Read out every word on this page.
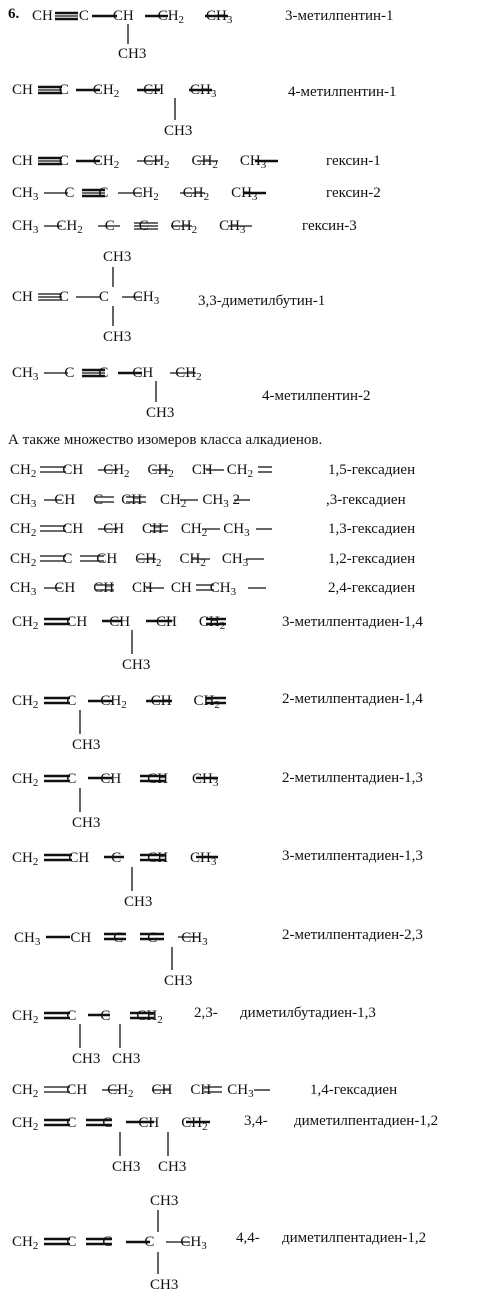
6. CH C CH $CH_2$ $CH_3$
CH3
3-метилпентин-1
CH C $CH_2$ CH $CH_3$
CH3
4-метилпентин-1
CH C $CH_2$ $CH_2$ $CH_2$ $CH_3$	гексин-1
$CH_3$ C C $CH_2$ $CH_2$ $CH_3$	гексин-2
$CH_3$ $CH_2$ C C $CH_2$ $CH_3$	гексин-3
CH3
CH C C $CH_3$
CH3
3,3-диметилбутин-1
$CH_3$ C C CH $CH_2$
CH3
4-метилпентин-2
А также множество изомеров класса алкадиенов.
$CH_2$ CH $CH_2$ $CH_2$ CH $CH_2$	1,5-гексадиен
$CH_3$ CH C CH $CH_2$ $CH_3$ 2	,3-гексадиен
$CH_2$ CH CH CH $CH_2$ $CH_3$	1,3-гексадиен
$CH_2$ C CH $CH_2$ $CH_2$ $CH_3$	1,2-гексадиен
$CH_3$ CH CH CH CH $CH_3$	2,4-гексадиен
$CH_2$ CH CH CH $CH_2$
CH3
3-метилпентадиен-1,4
$CH_2$ C $CH_2$ CH $CH_2$
CH3
2-метилпентадиен-1,4
$CH_2$ C CH CH $CH_3$
CH3
2-метилпентадиен-1,3
$CH_2$ CH C CH $CH_3$
CH3
3-метилпентадиен-1,3
$CH_3$ CH C C $CH_3$
CH3
2-метилпентадиен-2,3
$CH_2$ C C $CH_2$
CH3 CH3
2,3- диметилбутадиен-1,3
$CH_2$ CH $CH_2$ CH CH $CH_3$	1,4-гексадиен
$CH_2$ C C CH $CH_2$
CH3 CH3
3,4- диметилпентадиен-1,2
CH3
$CH_2$ C C C $CH_3$
CH3
4,4- диметилпентадиен-1,2
